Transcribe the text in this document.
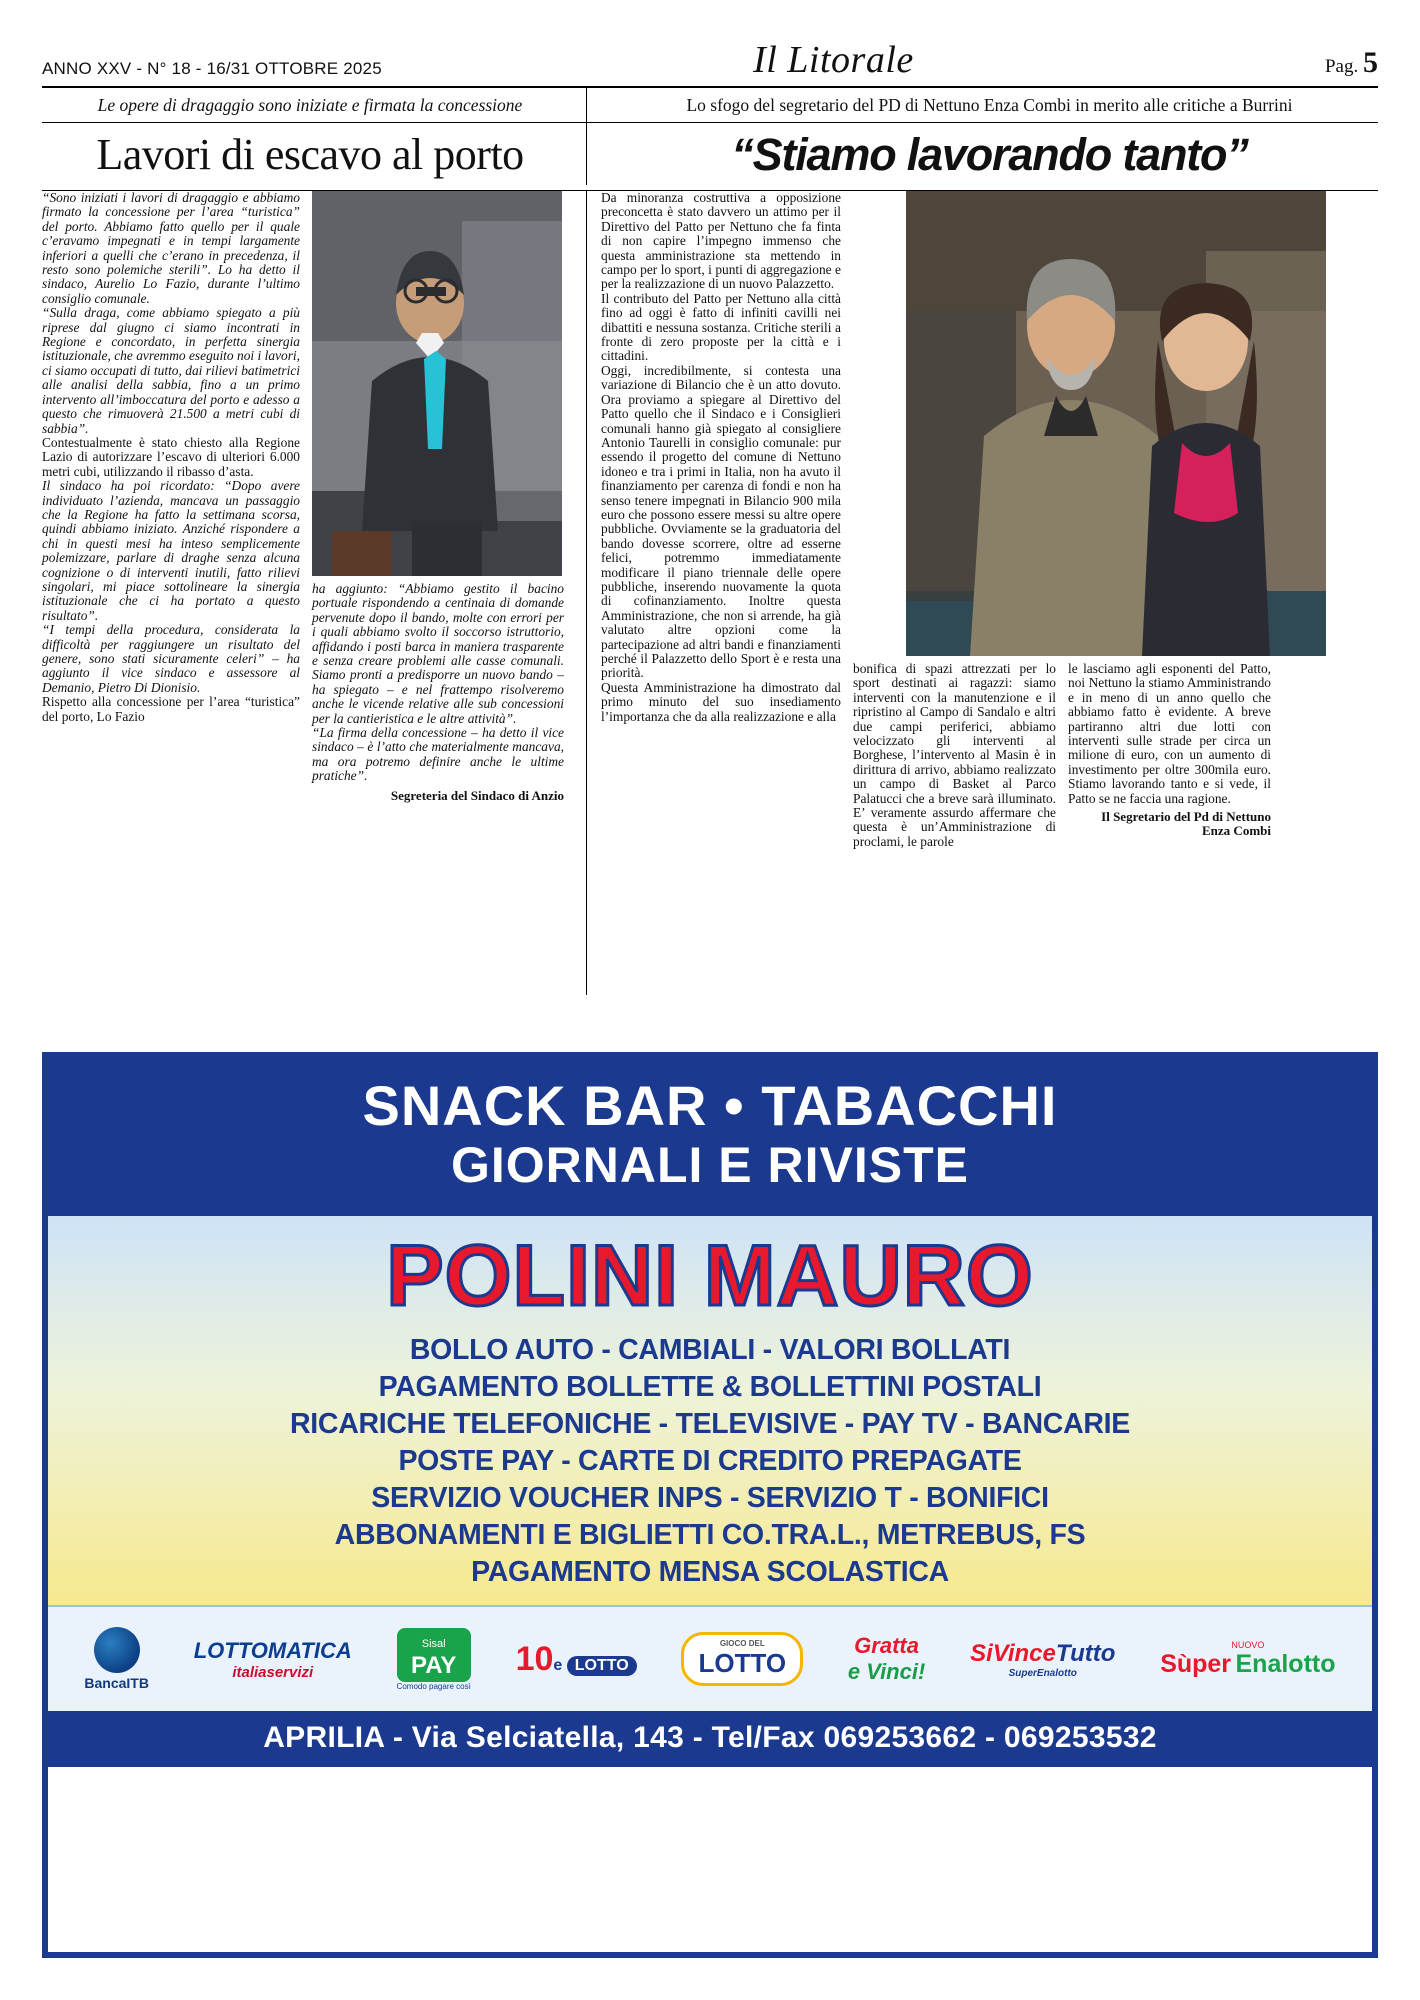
ANNO XXV - N° 18 - 16/31 OTTOBRE 2025	Il Litorale	Pag. 5
Le opere di dragaggio sono iniziate e firmata la concessione	Lo sfogo del segretario del PD di Nettuno Enza Combi in merito alle critiche a Burrini
Lavori di escavo al porto	“Stiamo lavorando tanto”

“Sono iniziati i lavori di dragaggio e abbiamo firmato la concessione per l’area “turistica” del porto. Abbiamo fatto quello per il quale c’eravamo impegnati e in tempi largamente inferiori a quelli che c’erano in precedenza, il resto sono polemiche sterili”. Lo ha detto il sindaco, Aurelio Lo Fazio, durante l’ultimo consiglio comunale.

“Sulla draga, come abbiamo spiegato a più riprese dal giugno ci siamo incontrati in Regione e concordato, in perfetta sinergia istituzionale, che avremmo eseguito noi i lavori, ci siamo occupati di tutto, dai rilievi batimetrici alle analisi della sabbia, fino a un primo intervento all’imboccatura del porto e adesso a questo che rimuoverà 21.500 a metri cubi di sabbia”.

Contestualmente è stato chiesto alla Regione Lazio di autorizzare l’escavo di ulteriori 6.000 metri cubi, utilizzando il ribasso d’asta.

Il sindaco ha poi ricordato: “Dopo avere individuato l’azienda, mancava un passaggio che la Regione ha fatto la settimana scorsa, quindi abbiamo iniziato. Anziché rispondere a chi in questi mesi ha inteso semplicemente polemizzare, parlare di draghe senza alcuna cognizione o di interventi inutili, fatto rilievi singolari, mi piace sottolineare la sinergia istituzionale che ci ha portato a questo risultato”.

“I tempi della procedura, considerata la difficoltà per raggiungere un risultato del genere, sono stati sicuramente celeri” – ha aggiunto il vice sindaco e assessore al Demanio, Pietro Di Dionisio.

Rispetto alla concessione per l’area “turistica” del porto, Lo Fazio

ha aggiunto: “Abbiamo gestito il bacino portuale rispondendo a centinaia di domande pervenute dopo il bando, molte con errori per i quali abbiamo svolto il soccorso istruttorio, affidando i posti barca in maniera trasparente e senza creare problemi alle casse comunali. Siamo pronti a predisporre un nuovo bando – ha spiegato – e nel frattempo risolveremo anche le vicende relative alle sub concessioni per la cantieristica e le altre attività”.

“La firma della concessione – ha detto il vice sindaco – è l’atto che materialmente mancava, ma ora potremo definire anche le ultime pratiche”.

Segreteria del Sindaco di Anzio

Da minoranza costruttiva a opposizione preconcetta è stato davvero un attimo per il Direttivo del Patto per Nettuno che fa finta di non capire l’impegno immenso che questa amministrazione sta mettendo in campo per lo sport, i punti di aggregazione e per la realizzazione di un nuovo Palazzetto.

Il contributo del Patto per Nettuno alla città fino ad oggi è fatto di infiniti cavilli nei dibattiti e nessuna sostanza. Critiche sterili a fronte di zero proposte per la città e i cittadini.

Oggi, incredibilmente, si contesta una variazione di Bilancio che è un atto dovuto. Ora proviamo a spiegare al Direttivo del Patto quello che il Sindaco e i Consiglieri comunali hanno già spiegato al consigliere Antonio Taurelli in consiglio comunale: pur essendo il progetto del comune di Nettuno idoneo e tra i primi in Italia, non ha avuto il finanziamento per carenza di fondi e non ha senso tenere impegnati in Bilancio 900 mila euro che possono essere messi su altre opere pubbliche. Ovviamente se la graduatoria del bando dovesse scorrere, oltre ad esserne felici, potremmo immediatamente modificare il piano triennale delle opere pubbliche, inserendo nuovamente la quota di cofinanziamento. Inoltre questa Amministrazione, che non si arrende, ha già valutato altre opzioni come la partecipazione ad altri bandi e finanziamenti perché il Palazzetto dello Sport è e resta una priorità.

Questa Amministrazione ha dimostrato dal primo minuto del suo insediamento l’importanza che da alla realizzazione e alla

bonifica di spazi attrezzati per lo sport destinati ai ragazzi: siamo interventi con la manutenzione e il ripristino al Campo di Sandalo e altri due campi periferici, abbiamo velocizzato gli interventi al Borghese, l’intervento al Masin è in dirittura di arrivo, abbiamo realizzato un campo di Basket al Parco Palatucci che a breve sarà illuminato. E’ veramente assurdo affermare che questa è un’Amministrazione di proclami, le parole

le lasciamo agli esponenti del Patto, noi Nettuno la stiamo Amministrando e in meno di un anno quello che abbiamo fatto è evidente. A breve partiranno altri due lotti con interventi sulle strade per circa un milione di euro, con un aumento di investimento per oltre 300mila euro. Stiamo lavorando tanto e si vede, il Patto se ne faccia una ragione.

Il Segretario del Pd di Nettuno
Enza Combi
SNACK BAR • TABACCHI
GIORNALI E RIVISTE
POLINI MAURO
BOLLO AUTO - CAMBIALI - VALORI BOLLATI
PAGAMENTO BOLLETTE & BOLLETTINI POSTALI
RICARICHE TELEFONICHE - TELEVISIVE - PAY TV - BANCARIE
POSTE PAY - CARTE DI CREDITO PREPAGATE
SERVIZIO VOUCHER INPS - SERVIZIO T - BONIFICI
ABBONAMENTI E BIGLIETTI CO.TRA.L., METREBUS, FS
PAGAMENTO MENSA SCOLASTICA
BancaITB
LOTTOMATICA
italiaservizi
Sisal
PAY
Comodo pagare così
10e LOTTO
GIOCO DEL
LOTTO
Gratta
e Vinci!
SiVinceTutto
SuperEnalotto
NUOVO
Sùper Enalotto
APRILIA - Via Selciatella, 143 - Tel/Fax 069253662 - 069253532
